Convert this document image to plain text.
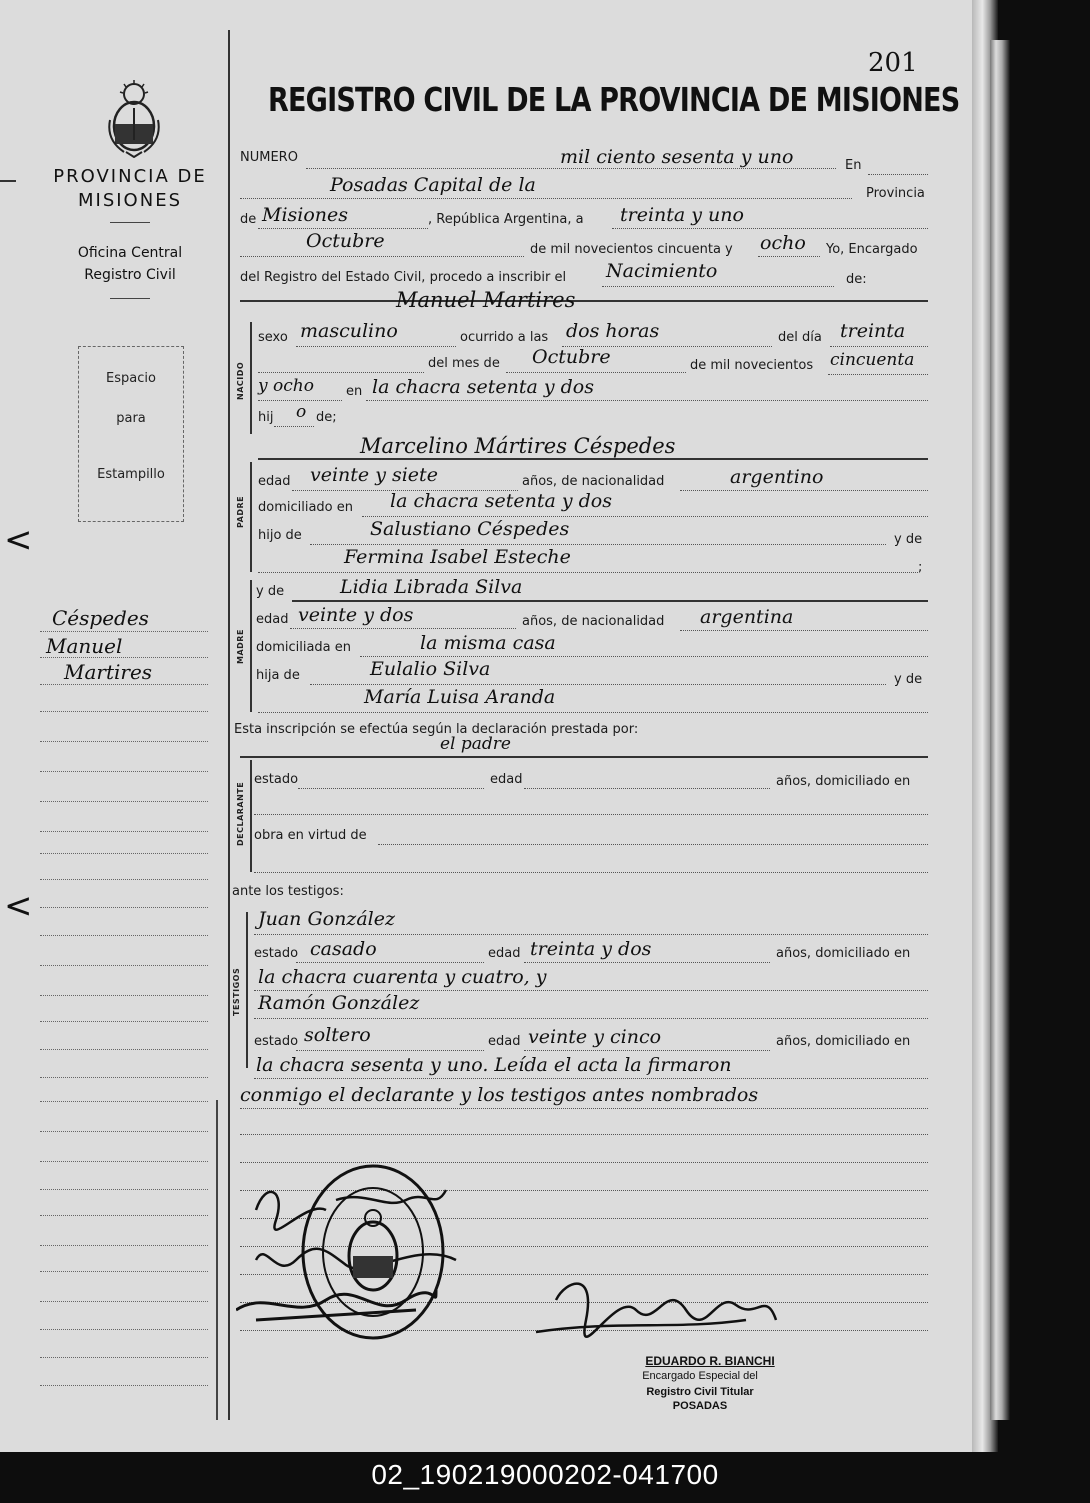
201
REGISTRO CIVIL DE LA PROVINCIA DE MISIONES
PROVINCIA DE
MISIONES
Oficina Central
Registro Civil
Espacio
para
Estampillo
Céspedes
Manuel
Martires
<
<
NUMERO	mil ciento sesenta y uno	En
Posadas Capital de la	Provincia
de Misiones	, República Argentina, a treinta y uno
Octubre	de mil novecientos cincuenta y ocho Yo, Encargado
del Registro del Estado Civil, procedo a inscribir el Nacimiento	de:
Manuel Martires
NACIDO
sexo masculino	ocurrido a las dos horas	del día treinta
del mes de Octubre	de mil novecientos cincuenta
y ocho en la chacra setenta y dos
hij o de;
Marcelino Mártires Céspedes
PADRE
edad veinte y siete	años, de nacionalidad	argentino
domiciliado en la chacra setenta y dos
hijo de	Salustiano Céspedes	y de
Fermina Isabel Esteche	;
MADRE
y de	Lidia Librada Silva
edad veinte y dos	años, de nacionalidad argentina
domiciliada en	la misma casa
hija de	Eulalio Silva	y de
María Luisa Aranda
Esta inscripción se efectúa según la declaración prestada por:
el padre
DECLARANTE
estado	edad	años, domiciliado en
obra en virtud de
ante los testigos:
TESTIGOS
Juan González
estado casado	edad treinta y dos	años, domiciliado en
la chacra cuarenta y cuatro, y
Ramón González
estado soltero	edad veinte y cinco	años, domiciliado en
la chacra sesenta y uno. Leída el acta la firmaron
conmigo el declarante y los testigos antes nombrados
EDUARDO R. BIANCHI
Encargado Especial del
Registro Civil Titular
POSADAS
02_190219000202-041700
